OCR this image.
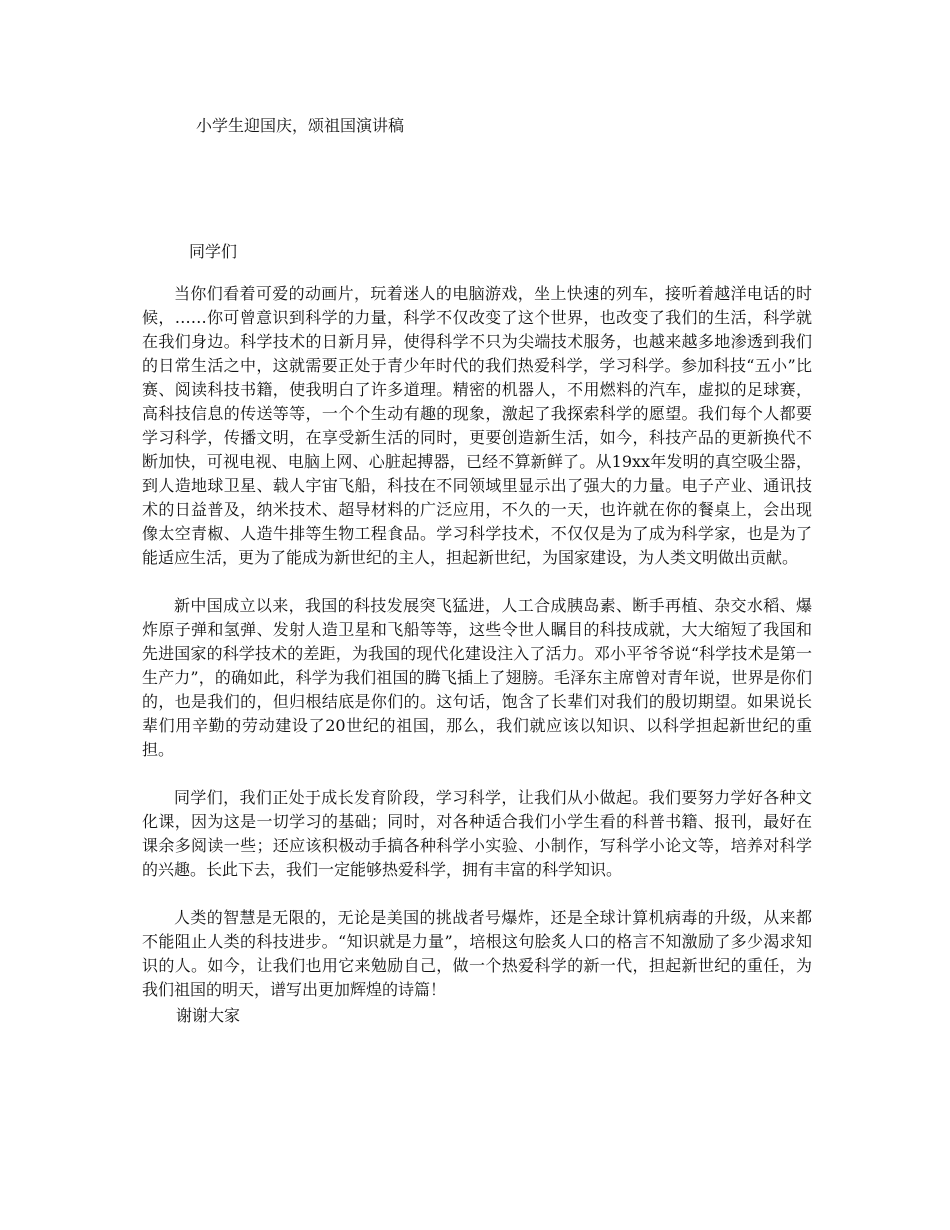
小学生迎国庆，颂祖国演讲稿
同学们

当你们看着可爱的动画片，玩着迷人的电脑游戏，坐上快速的列车，接听着越洋电话的时候，……你可曾意识到科学的力量，科学不仅改变了这个世界，也改变了我们的生活，科学就在我们身边。科学技术的日新月异，使得科学不只为尖端技术服务，也越来越多地渗透到我们的日常生活之中，这就需要正处于青少年时代的我们热爱科学，学习科学。参加科技“五小”比赛、阅读科技书籍，使我明白了许多道理。精密的机器人，不用燃料的汽车，虚拟的足球赛，高科技信息的传送等等，一个个生动有趣的现象，激起了我探索科学的愿望。我们每个人都要学习科学，传播文明，在享受新生活的同时，更要创造新生活，如今，科技产品的更新换代不断加快，可视电视、电脑上网、心脏起搏器，已经不算新鲜了。从19xx年发明的真空吸尘器，到人造地球卫星、载人宇宙飞船，科技在不同领域里显示出了强大的力量。电子产业、通讯技术的日益普及，纳米技术、超导材料的广泛应用，不久的一天，也许就在你的餐桌上，会出现像太空青椒、人造牛排等生物工程食品。学习科学技术，不仅仅是为了成为科学家，也是为了能适应生活，更为了能成为新世纪的主人，担起新世纪，为国家建设，为人类文明做出贡献。

新中国成立以来，我国的科技发展突飞猛进，人工合成胰岛素、断手再植、杂交水稻、爆炸原子弹和氢弹、发射人造卫星和飞船等等，这些令世人瞩目的科技成就，大大缩短了我国和先进国家的科学技术的差距，为我国的现代化建设注入了活力。邓小平爷爷说“科学技术是第一生产力”，的确如此，科学为我们祖国的腾飞插上了翅膀。毛泽东主席曾对青年说，世界是你们的，也是我们的，但归根结底是你们的。这句话，饱含了长辈们对我们的殷切期望。如果说长辈们用辛勤的劳动建设了20世纪的祖国，那么，我们就应该以知识、以科学担起新世纪的重担。

同学们，我们正处于成长发育阶段，学习科学，让我们从小做起。我们要努力学好各种文化课，因为这是一切学习的基础；同时，对各种适合我们小学生看的科普书籍、报刊，最好在课余多阅读一些；还应该积极动手搞各种科学小实验、小制作，写科学小论文等，培养对科学的兴趣。长此下去，我们一定能够热爱科学，拥有丰富的科学知识。

人类的智慧是无限的，无论是美国的挑战者号爆炸，还是全球计算机病毒的升级，从来都不能阻止人类的科技进步。“知识就是力量”，培根这句脍炙人口的格言不知激励了多少渴求知识的人。如今，让我们也用它来勉励自己，做一个热爱科学的新一代，担起新世纪的重任，为我们祖国的明天，谱写出更加辉煌的诗篇！

谢谢大家
